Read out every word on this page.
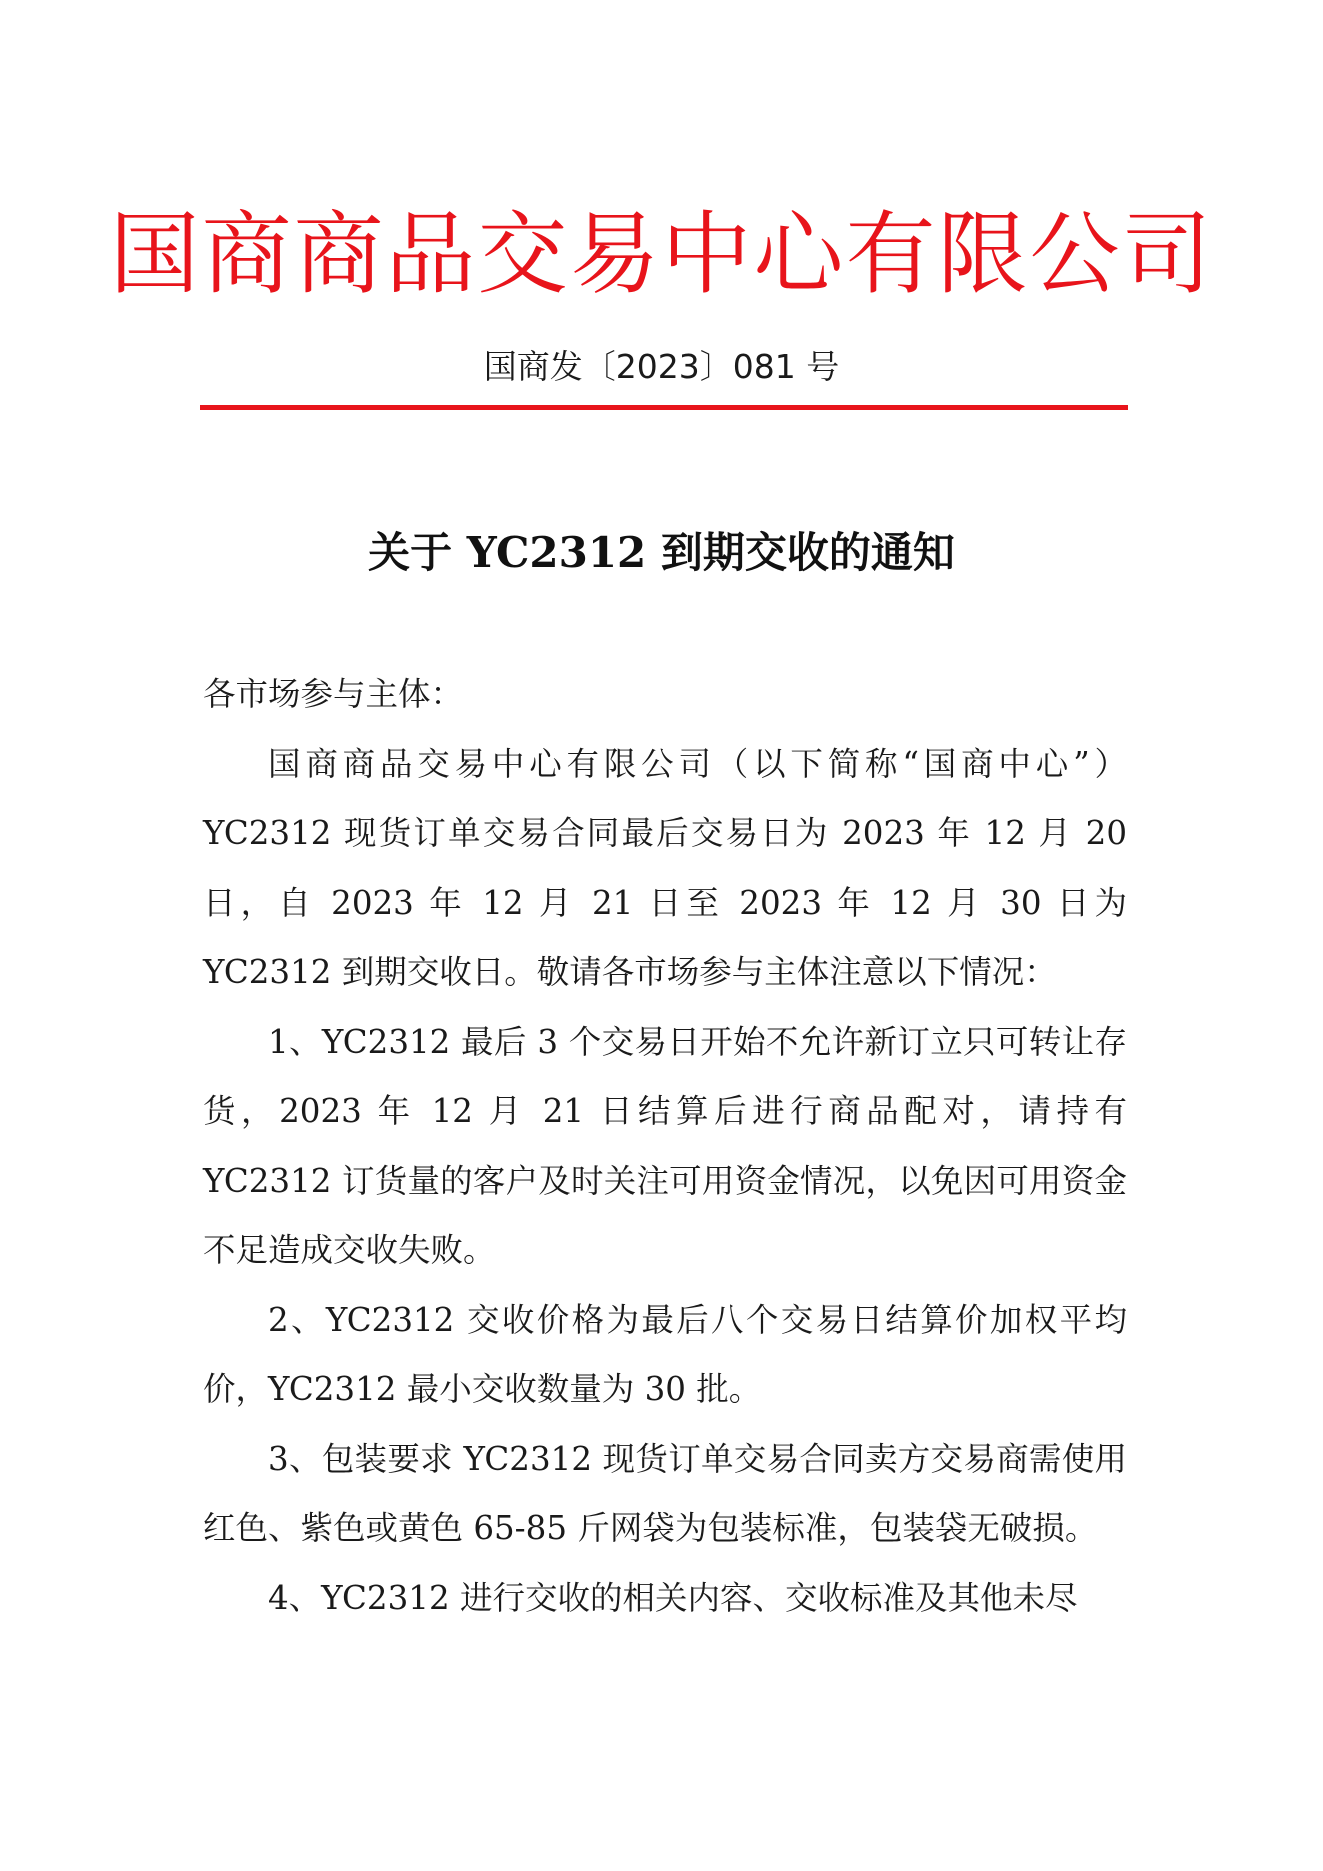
国商商品交易中心有限公司
国商发〔2023〕081 号
关于 YC2312 到期交收的通知

各市场参与主体：

国商商品交易中心有限公司（以下简称“国商中心”）YC2312 现货订单交易合同最后交易日为 2023 年 12 月 20 日，自 2023 年 12 月 21 日至 2023 年 12 月 30 日为 YC2312 到期交收日。敬请各市场参与主体注意以下情况：

1、YC2312 最后 3 个交易日开始不允许新订立只可转让存货，2023 年 12 月 21 日结算后进行商品配对，请持有 YC2312 订货量的客户及时关注可用资金情况，以免因可用资金不足造成交收失败。

2、YC2312 交收价格为最后八个交易日结算价加权平均价，YC2312 最小交收数量为 30 批。

3、包装要求 YC2312 现货订单交易合同卖方交易商需使用红色、紫色或黄色 65-85 斤网袋为包装标准，包装袋无破损。

4、YC2312 进行交收的相关内容、交收标准及其他未尽
